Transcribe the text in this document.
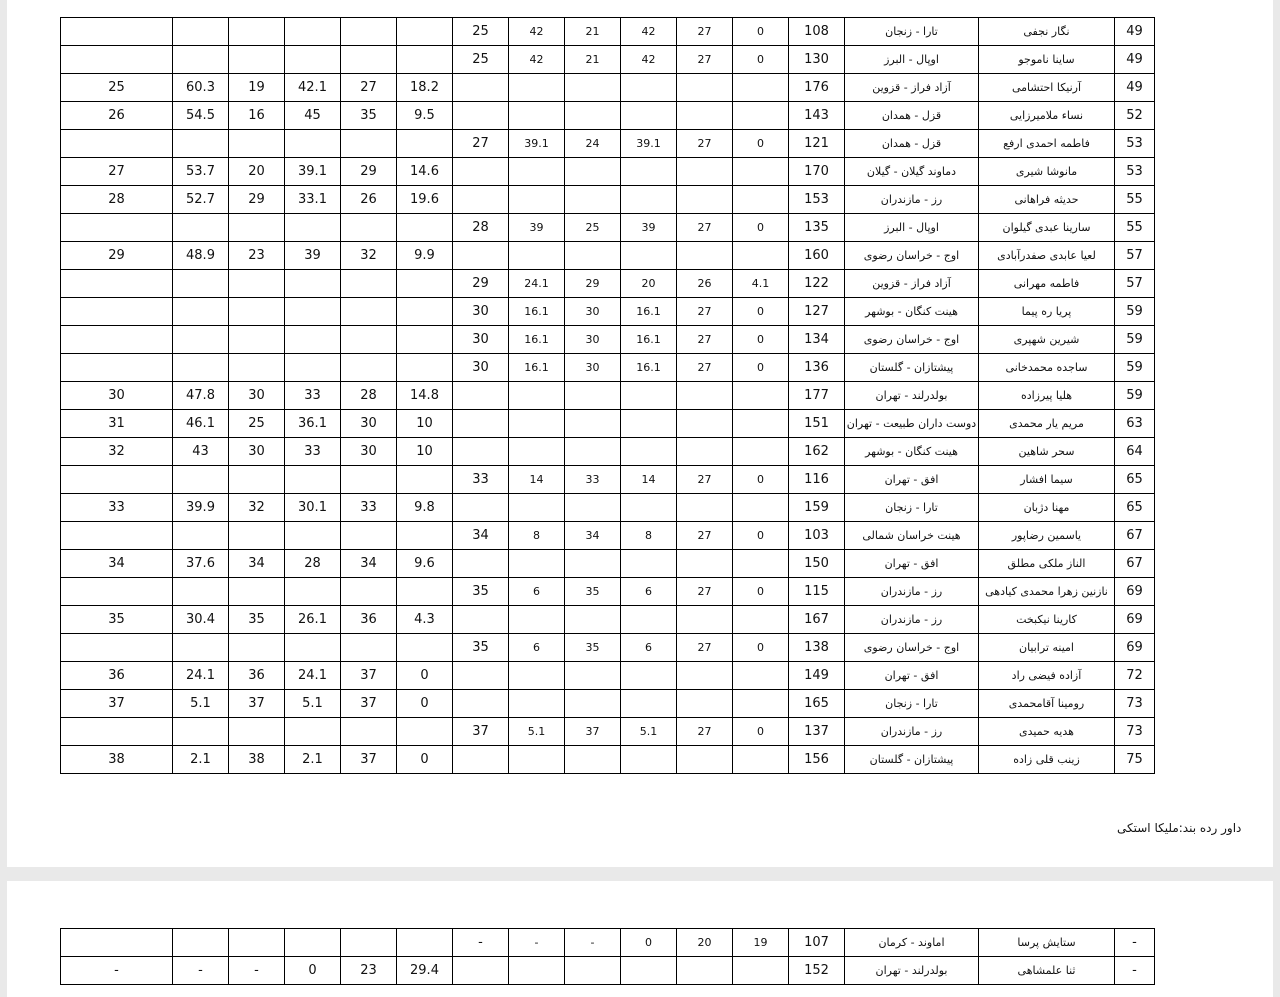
						25	42	21	42	27	0	108	تارا - زنجان	نگار نجفی	49
						25	42	21	42	27	0	130	اوپال - البرز	ساینا ناموجو	49
25	60.3	19	42.1	27	18.2							176	آزاد فراز - قزوین	آرنیکا احتشامی	49
26	54.5	16	45	35	9.5							143	قزل - همدان	نساء ملامیرزایی	52
						27	39.1	24	39.1	27	0	121	قزل - همدان	فاطمه احمدی ارفع	53
27	53.7	20	39.1	29	14.6							170	دماوند گیلان - گیلان	مانوشا شیری	53
28	52.7	29	33.1	26	19.6							153	رز - مازندران	حدیثه فراهانی	55
						28	39	25	39	27	0	135	اوپال - البرز	سارینا عبدی گیلوان	55
29	48.9	23	39	32	9.9							160	اوج - خراسان رضوی	لعیا عابدی صفدرآبادی	57
						29	24.1	29	20	26	4.1	122	آزاد فراز - قزوین	فاطمه مهرانی	57
						30	16.1	30	16.1	27	0	127	هینت کنگان - بوشهر	پریا ره پیما	59
						30	16.1	30	16.1	27	0	134	اوج - خراسان رضوی	شیرین شهپری	59
						30	16.1	30	16.1	27	0	136	پیشتازان - گلستان	ساجده محمدخانی	59
30	47.8	30	33	28	14.8							177	بولدرلند - تهران	هلیا پیرزاده	59
31	46.1	25	36.1	30	10							151	دوست داران طبیعت - تهران	مریم یار محمدی	63
32	43	30	33	30	10							162	هینت کنگان - بوشهر	سحر شاهین	64
						33	14	33	14	27	0	116	افق - تهران	سیما افشار	65
33	39.9	32	30.1	33	9.8							159	تارا - زنجان	مهنا دژبان	65
						34	8	34	8	27	0	103	هینت خراسان شمالی	یاسمین رضاپور	67
34	37.6	34	28	34	9.6							150	افق - تهران	الناز ملکی مطلق	67
						35	6	35	6	27	0	115	رز - مازندران	نازنین زهرا محمدی کیادهی	69
35	30.4	35	26.1	36	4.3							167	رز - مازندران	کارینا نیکبخت	69
						35	6	35	6	27	0	138	اوج - خراسان رضوی	امینه ترابیان	69
36	24.1	36	24.1	37	0							149	افق - تهران	آزاده فیضی راد	72
37	5.1	37	5.1	37	0							165	تارا - زنجان	رومینا آقامحمدی	73
						37	5.1	37	5.1	27	0	137	رز - مازندران	هدیه حمیدی	73
38	2.1	38	2.1	37	0							156	پیشتازان - گلستان	زینب قلی زاده	75
داور رده بند:ملیکا استکی
						-	-	-	0	20	19	107	اماوند - کرمان	ستایش پرسا	-
-	-	-	0	23	29.4							152	بولدرلند - تهران	ثنا علمشاهی	-
